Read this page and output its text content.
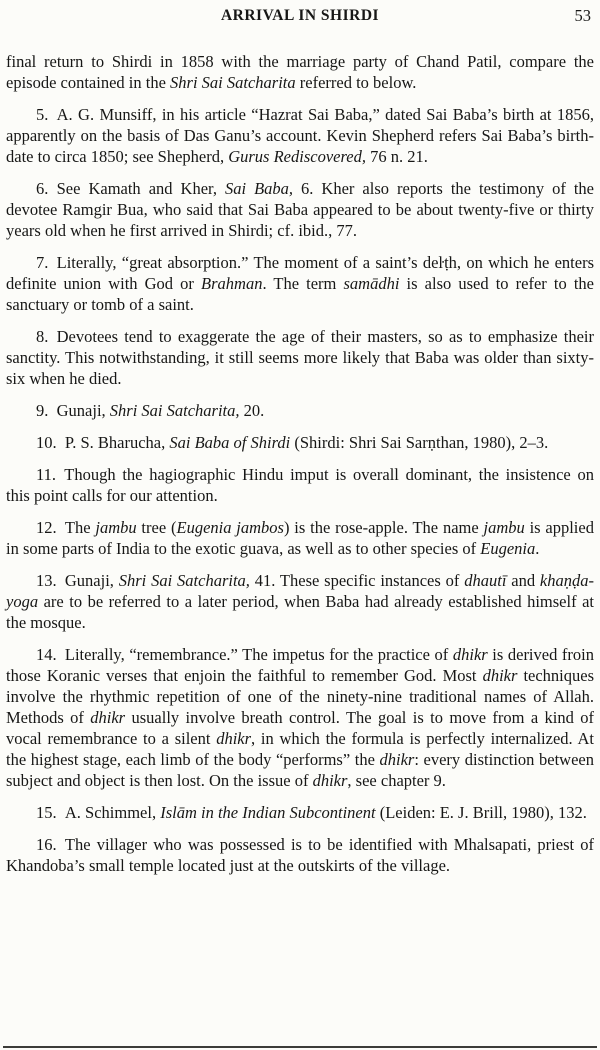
ARRIVAL IN SHIRDI	53

final return to Shirdi in 1858 with the marriage party of Chand Patil, compare the episode contained in the Shri Sai Satcharita referred to below.

5. A. G. Munsiff, in his article “Hazrat Sai Baba,” dated Sai Baba’s birth at 1856, apparently on the basis of Das Ganu’s account. Kevin Shepherd refers Sai Baba’s birth-date to circa 1850; see Shepherd, Gurus Rediscovered, 76 n. 21.

6. See Kamath and Kher, Sai Baba, 6. Kher also reports the testimony of the devotee Ramgir Bua, who said that Sai Baba appeared to be about twenty-five or thirty years old when he first arrived in Shirdi; cf. ibid., 77.

7. Literally, “great absorption.” The moment of a saint’s deŀṭh, on which he enters definite union with God or Brahman. The term samādhi is also used to refer to the sanctuary or tomb of a saint.

8. Devotees tend to exaggerate the age of their masters, so as to emphasize their sanctity. This notwithstanding, it still seems more likely that Baba was older than sixty-six when he died.

9. Gunaji, Shri Sai Satcharita, 20.

10. P. S. Bharucha, Sai Baba of Shirdi (Shirdi: Shri Sai Sarṇthan, 1980), 2–3.

11. Though the hagiographic Hindu imput is overall dominant, the insistence on this point calls for our attention.

12. The jambu tree (Eugenia jambos) is the rose-apple. The name jambu is applied in some parts of India to the exotic guava, as well as to other species of Eugenia.

13. Gunaji, Shri Sai Satcharita, 41. These specific instances of dhautī and khaṇḍa-yoga are to be referred to a later period, when Baba had already established himself at the mosque.

14. Literally, “remembrance.” The impetus for the practice of dhikr is derived froin those Koranic verses that enjoin the faithful to remember God. Most dhikr techniques involve the rhythmic repetition of one of the ninety-nine traditional names of Allah. Methods of dhikr usually involve breath control. The goal is to move from a kind of vocal remembrance to a silent dhikr, in which the formula is perfectly internalized. At the highest stage, each limb of the body “performs” the dhikr: every distinction between subject and object is then lost. On the issue of dhikr, see chapter 9.

15. A. Schimmel, Islām in the Indian Subcontinent (Leiden: E. J. Brill, 1980), 132.

16. The villager who was possessed is to be identified with Mhalsapati, priest of Khandoba’s small temple located just at the outskirts of the village.
